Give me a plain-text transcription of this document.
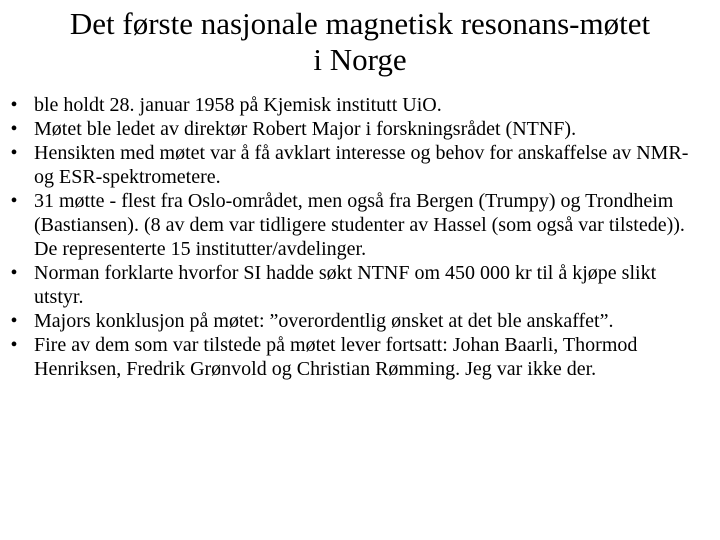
Det første nasjonale magnetisk resonans-møtet
i Norge
• ble holdt 28. januar 1958 på Kjemisk institutt UiO.
• Møtet ble ledet av direktør Robert Major i forskningsrådet (NTNF).
• Hensikten med møtet var å få avklart interesse og behov for anskaffelse av NMR- og ESR-spektrometere.
• 31 møtte - flest fra Oslo-området, men også fra Bergen (Trumpy) og Trondheim (Bastiansen). (8 av dem var tidligere studenter av Hassel (som også var tilstede)). De representerte 15 institutter/avdelinger.
• Norman forklarte hvorfor SI hadde søkt NTNF om 450 000 kr til å kjøpe slikt utstyr.
• Majors konklusjon på møtet: ”overordentlig ønsket at det ble anskaffet”.
• Fire av dem som var tilstede på møtet lever fortsatt: Johan Baarli, Thormod Henriksen, Fredrik Grønvold og Christian Rømming. Jeg var ikke der.
